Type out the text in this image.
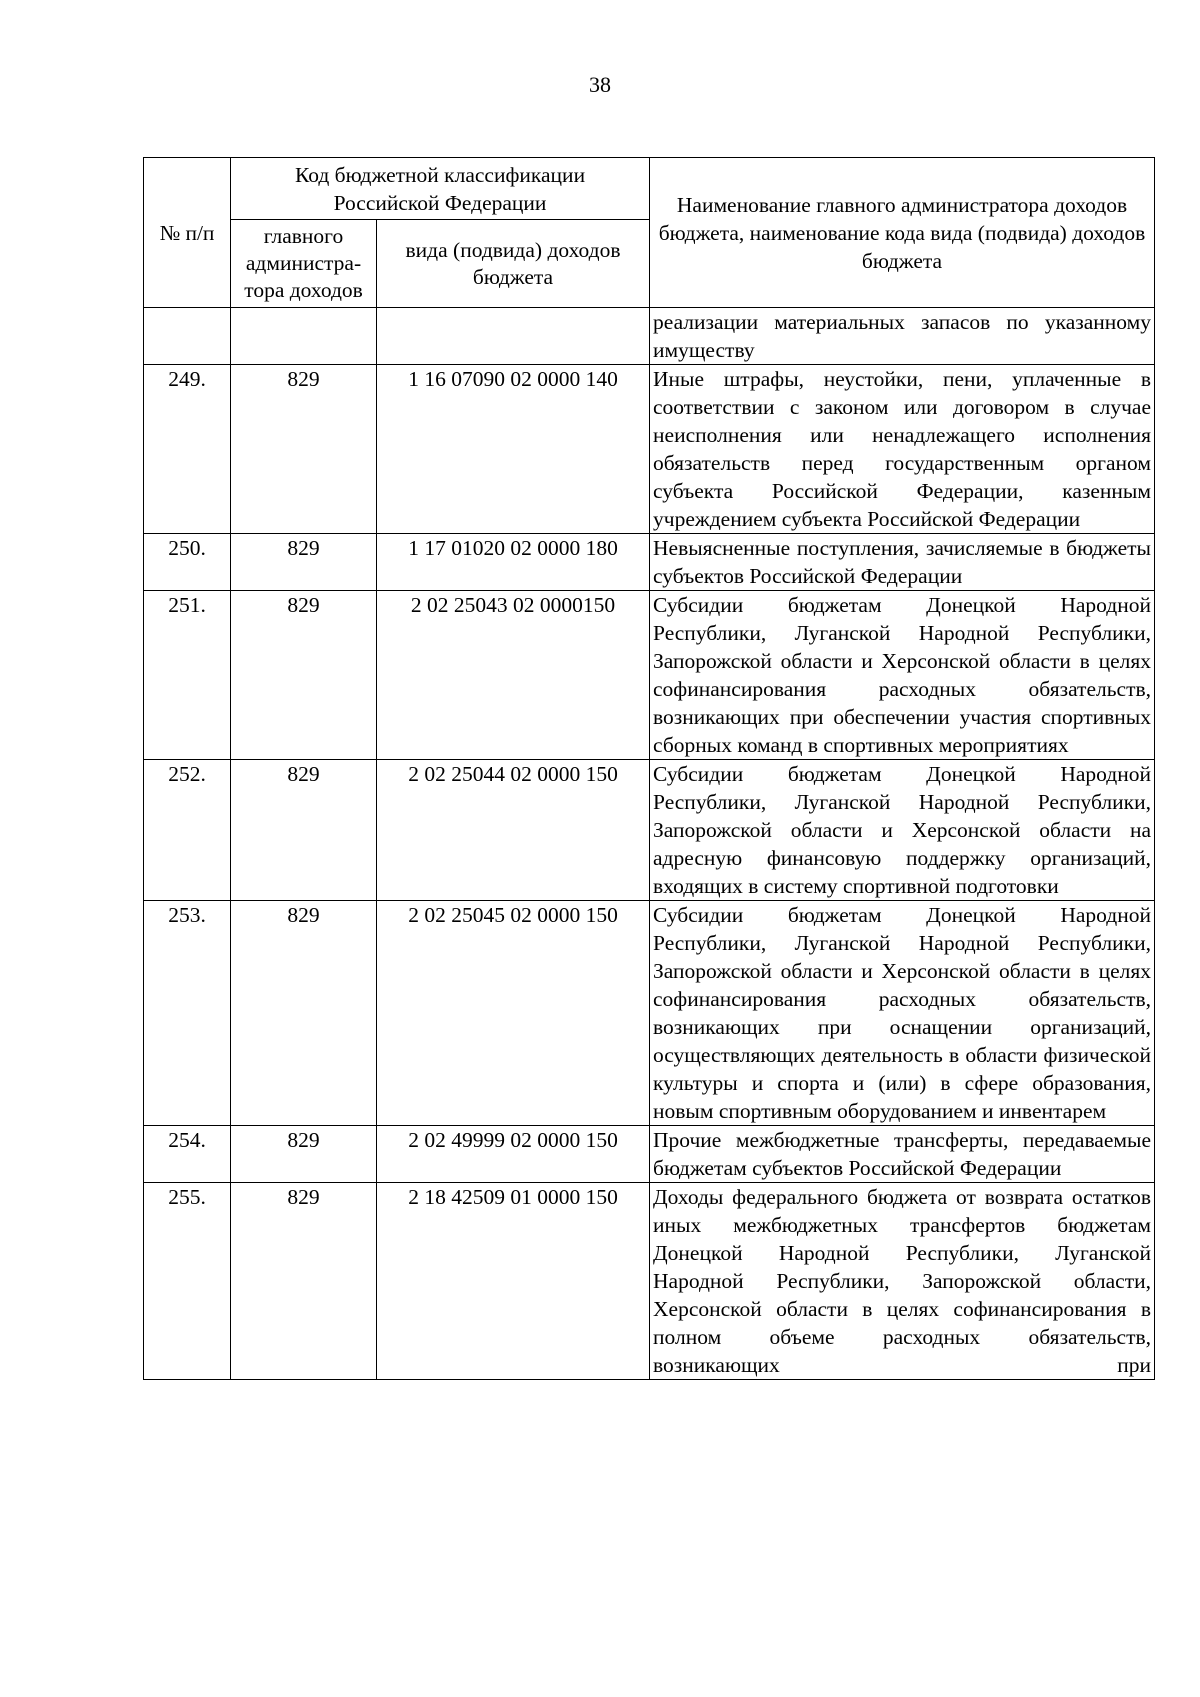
38
№ п/п	Код бюджетной классификации Российской Федерации		Наименование главного администратора доходов бюджета, наименование кода вида (подвида) доходов бюджета
	главного администра-тора доходов	вида (подвида) доходов бюджета	
			реализации материальных запасов по указанному имуществу
249.	829	1 16 07090 02 0000 140	Иные штрафы, неустойки, пени, уплаченные в соответствии с законом или договором в случае неисполнения или ненадлежащего исполнения обязательств перед государственным органом субъекта Российской Федерации, казенным учреждением субъекта Российской Федерации
250.	829	1 17 01020 02 0000 180	Невыясненные поступления, зачисляемые в бюджеты субъектов Российской Федерации
251.	829	2 02 25043 02 0000150	Субсидии бюджетам Донецкой Народной Республики, Луганской Народной Республики, Запорожской области и Херсонской области в целях софинансирования расходных обязательств, возникающих при обеспечении участия спортивных сборных команд в спортивных мероприятиях
252.	829	2 02 25044 02 0000 150	Субсидии бюджетам Донецкой Народной Республики, Луганской Народной Республики, Запорожской области и Херсонской области на адресную финансовую поддержку организаций, входящих в систему спортивной подготовки
253.	829	2 02 25045 02 0000 150	Субсидии бюджетам Донецкой Народной Республики, Луганской Народной Республики, Запорожской области и Херсонской области в целях софинансирования расходных обязательств, возникающих при оснащении организаций, осуществляющих деятельность в области физической культуры и спорта и (или) в сфере образования, новым спортивным оборудованием и инвентарем
254.	829	2 02 49999 02 0000 150	Прочие межбюджетные трансферты, передаваемые бюджетам субъектов Российской Федерации
255.	829	2 18 42509 01 0000 150	Доходы федерального бюджета от возврата остатков иных межбюджетных трансфертов бюджетам Донецкой Народной Республики, Луганской Народной Республики, Запорожской области, Херсонской области в целях софинансирования в полном объеме расходных обязательств, возникающих при
